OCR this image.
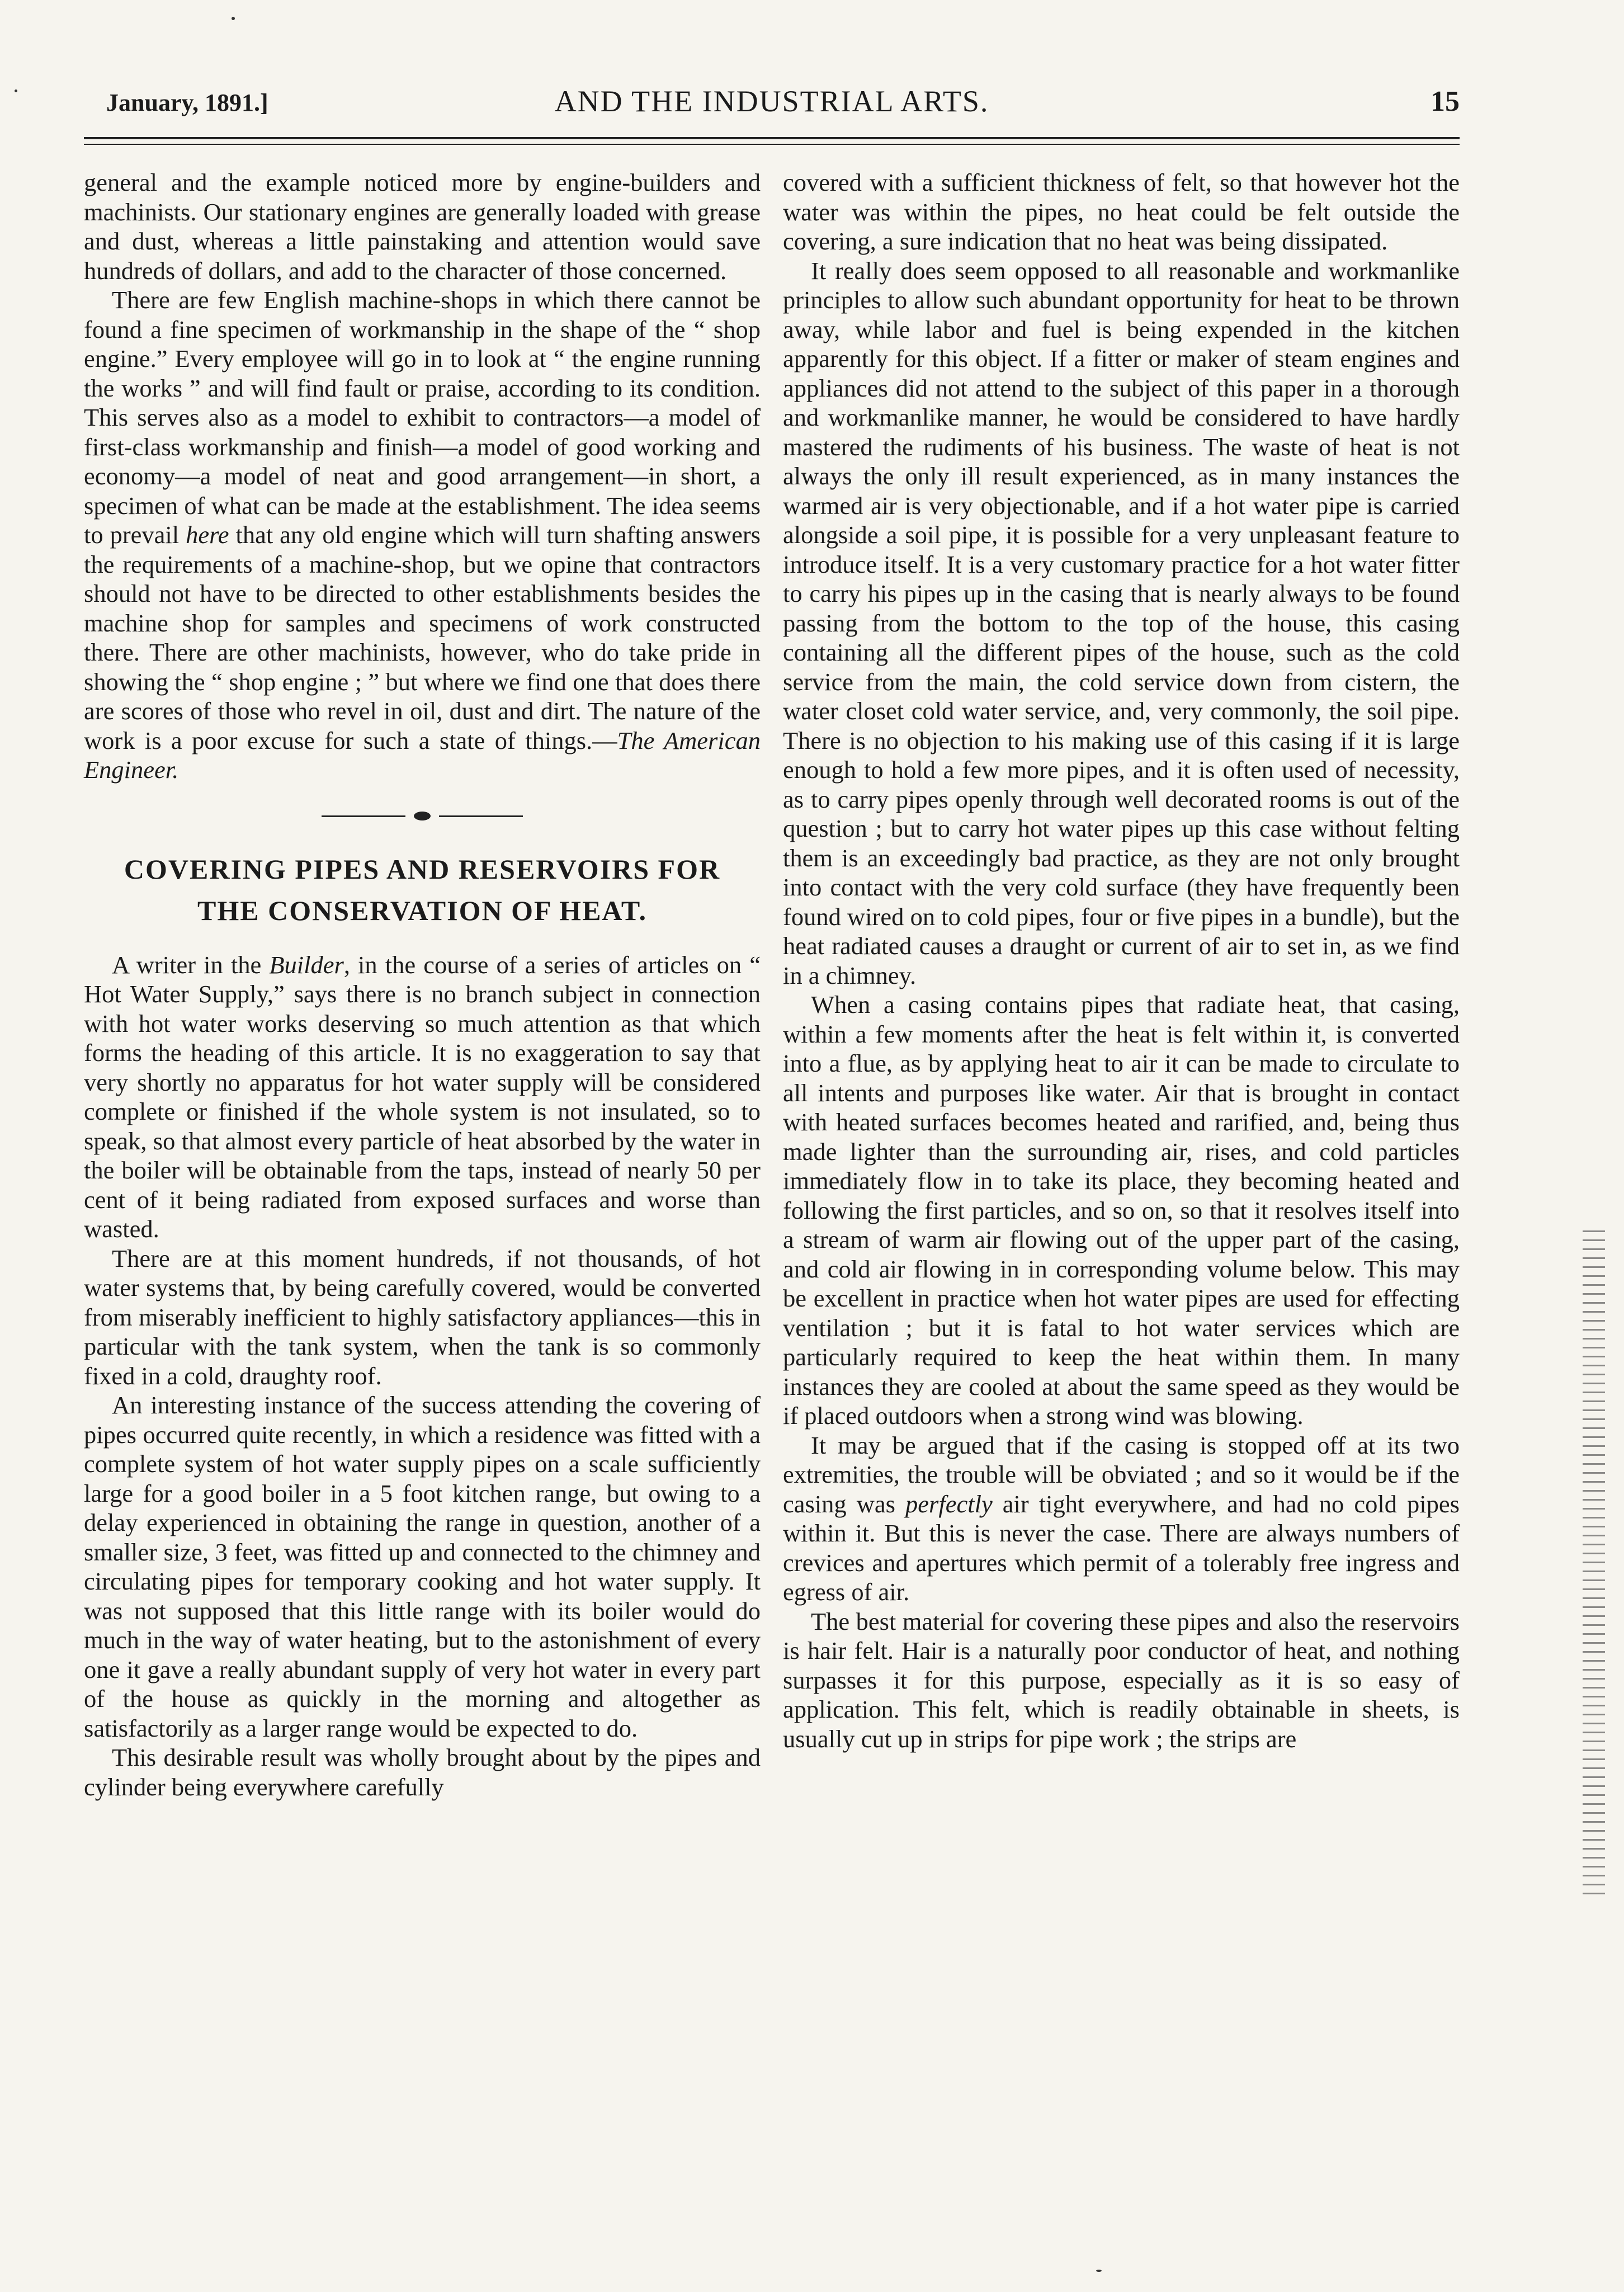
January, 1891.]	AND THE INDUSTRIAL ARTS.	15

general and the example noticed more by engine-builders and machinists. Our stationary engines are generally loaded with grease and dust, whereas a little painstaking and attention would save hundreds of dollars, and add to the character of those concerned.

There are few English machine-shops in which there cannot be found a fine specimen of workmanship in the shape of the “ shop engine.” Every employee will go in to look at “ the engine running the works ” and will find fault or praise, according to its condition. This serves also as a model to exhibit to contractors—a model of first-class workmanship and finish—a model of good working and economy—a model of neat and good arrangement—in short, a specimen of what can be made at the establishment. The idea seems to prevail here that any old engine which will turn shafting answers the requirements of a machine-shop, but we opine that contractors should not have to be directed to other establishments besides the machine shop for samples and specimens of work constructed there. There are other machinists, however, who do take pride in showing the “ shop engine ; ” but where we find one that does there are scores of those who revel in oil, dust and dirt. The nature of the work is a poor excuse for such a state of things.—The American Engineer.

COVERING PIPES AND RESERVOIRS FOR
THE CONSERVATION OF HEAT.

A writer in the Builder, in the course of a series of articles on “ Hot Water Supply,” says there is no branch subject in connection with hot water works deserving so much attention as that which forms the heading of this article. It is no exaggeration to say that very shortly no apparatus for hot water supply will be considered complete or finished if the whole system is not insulated, so to speak, so that almost every particle of heat absorbed by the water in the boiler will be obtainable from the taps, instead of nearly 50 per cent of it being radiated from exposed surfaces and worse than wasted.

There are at this moment hundreds, if not thousands, of hot water systems that, by being carefully covered, would be converted from miserably inefficient to highly satisfactory appliances—this in particular with the tank system, when the tank is so commonly fixed in a cold, draughty roof.

An interesting instance of the success attending the covering of pipes occurred quite recently, in which a residence was fitted with a complete system of hot water supply pipes on a scale sufficiently large for a good boiler in a 5 foot kitchen range, but owing to a delay experienced in obtaining the range in question, another of a smaller size, 3 feet, was fitted up and connected to the chimney and circulating pipes for temporary cooking and hot water supply. It was not supposed that this little range with its boiler would do much in the way of water heating, but to the astonishment of every one it gave a really abundant supply of very hot water in every part of the house as quickly in the morning and altogether as satisfactorily as a larger range would be expected to do.

This desirable result was wholly brought about by the pipes and cylinder being everywhere carefully

covered with a sufficient thickness of felt, so that however hot the water was within the pipes, no heat could be felt outside the covering, a sure indication that no heat was being dissipated.

It really does seem opposed to all reasonable and workmanlike principles to allow such abundant opportunity for heat to be thrown away, while labor and fuel is being expended in the kitchen apparently for this object. If a fitter or maker of steam engines and appliances did not attend to the subject of this paper in a thorough and workmanlike manner, he would be considered to have hardly mastered the rudiments of his business. The waste of heat is not always the only ill result experienced, as in many instances the warmed air is very objectionable, and if a hot water pipe is carried alongside a soil pipe, it is possible for a very unpleasant feature to introduce itself. It is a very customary practice for a hot water fitter to carry his pipes up in the casing that is nearly always to be found passing from the bottom to the top of the house, this casing containing all the different pipes of the house, such as the cold service from the main, the cold service down from cistern, the water closet cold water service, and, very commonly, the soil pipe. There is no objection to his making use of this casing if it is large enough to hold a few more pipes, and it is often used of necessity, as to carry pipes openly through well decorated rooms is out of the question ; but to carry hot water pipes up this case without felting them is an exceedingly bad practice, as they are not only brought into contact with the very cold surface (they have frequently been found wired on to cold pipes, four or five pipes in a bundle), but the heat radiated causes a draught or current of air to set in, as we find in a chimney.

When a casing contains pipes that radiate heat, that casing, within a few moments after the heat is felt within it, is converted into a flue, as by applying heat to air it can be made to circulate to all intents and purposes like water. Air that is brought in contact with heated surfaces becomes heated and rarified, and, being thus made lighter than the surrounding air, rises, and cold particles immediately flow in to take its place, they becoming heated and following the first particles, and so on, so that it resolves itself into a stream of warm air flowing out of the upper part of the casing, and cold air flowing in in corresponding volume below. This may be excellent in practice when hot water pipes are used for effecting ventilation ; but it is fatal to hot water services which are particularly required to keep the heat within them. In many instances they are cooled at about the same speed as they would be if placed outdoors when a strong wind was blowing.

It may be argued that if the casing is stopped off at its two extremities, the trouble will be obviated ; and so it would be if the casing was perfectly air tight everywhere, and had no cold pipes within it. But this is never the case. There are always numbers of crevices and apertures which permit of a tolerably free ingress and egress of air.

The best material for covering these pipes and also the reservoirs is hair felt. Hair is a naturally poor conductor of heat, and nothing surpasses it for this purpose, especially as it is so easy of application. This felt, which is readily obtainable in sheets, is usually cut up in strips for pipe work ; the strips are
